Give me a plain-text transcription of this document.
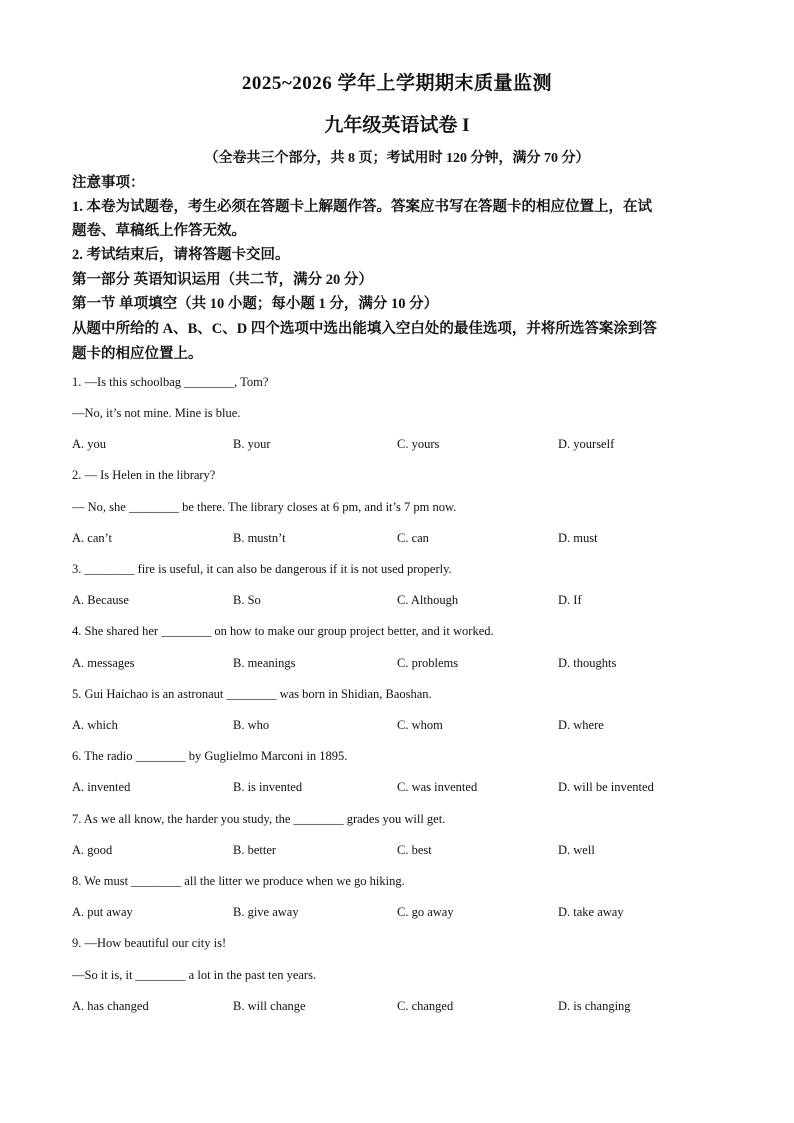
2025~2026 学年上学期期末质量监测
九年级英语试卷 I
（全卷共三个部分，共 8 页；考试用时 120 分钟，满分 70 分）
注意事项：
1. 本卷为试题卷，考生必须在答题卡上解题作答。答案应书写在答题卡的相应位置上，在试
题卷、草稿纸上作答无效。
2. 考试结束后，请将答题卡交回。
第一部分 英语知识运用（共二节，满分 20 分）
第一节 单项填空（共 10 小题；每小题 1 分，满分 10 分）
从题中所给的 A、B、C、D 四个选项中选出能填入空白处的最佳选项，并将所选答案涂到答
题卡的相应位置上。
1. —Is this schoolbag ________, Tom?
—No, it’s not mine. Mine is blue.
A. you	B. your	C. yours	D. yourself
2. — Is Helen in the library?
— No, she ________ be there. The library closes at 6 pm, and it’s 7 pm now.
A. can’t	B. mustn’t	C. can	D. must
3. ________ fire is useful, it can also be dangerous if it is not used properly.
A. Because	B. So	C. Although	D. If
4. She shared her ________ on how to make our group project better, and it worked.
A. messages	B. meanings	C. problems	D. thoughts
5. Gui Haichao is an astronaut ________ was born in Shidian, Baoshan.
A. which	B. who	C. whom	D. where
6. The radio ________ by Guglielmo Marconi in 1895.
A. invented	B. is invented	C. was invented	D. will be invented
7. As we all know, the harder you study, the ________ grades you will get.
A. good	B. better	C. best	D. well
8. We must ________ all the litter we produce when we go hiking.
A. put away	B. give away	C. go away	D. take away
9. —How beautiful our city is!
—So it is, it ________ a lot in the past ten years.
A. has changed	B. will change	C. changed	D. is changing
